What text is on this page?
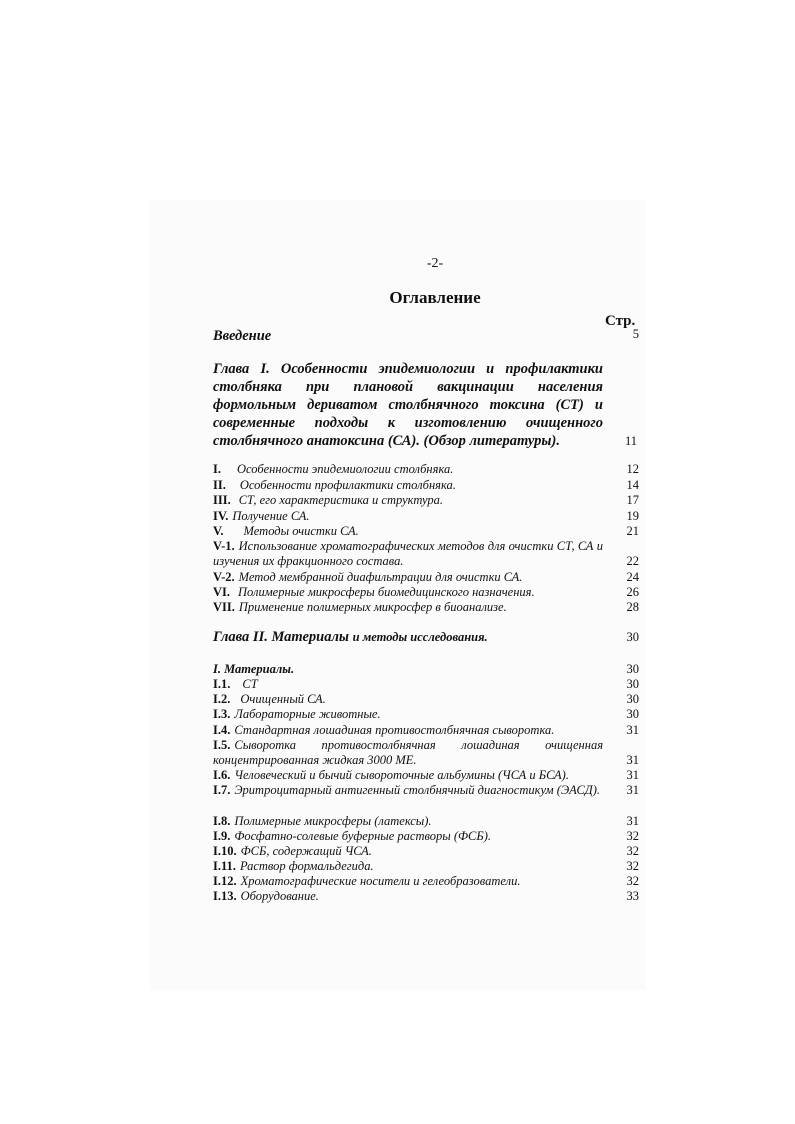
-2-
Оглавление
Стр.
Введение	5
Глава I. Особенности эпидемиологии и профилактики столбняка при плановой вакцинации населения формольным дериватом столбнячного токсина (СТ) и современные подходы к изготовлению очищенного столбнячного анатоксина (СА). (Обзор литературы).	11
I. Особенности эпидемиологии столбняка.	12
II. Особенности профилактики столбняка.	14
III. СТ, его характеристика и структура.	17
IV. Получение СА.	19
V. Методы очистки СА.	21
V-1. Использование хроматографических методов для очистки СТ, СА и изучения их фракционного состава.	22
V-2. Метод мембранной диафильтрации для очистки СА.	24
VI. Полимерные микросферы биомедицинского назначения.	26
VII. Применение полимерных микросфер в биоанализе.	28
Глава II. Материалы и методы исследования.	30
I. Материалы.	30
I.1. СТ	30
I.2. Очищенный СА.	30
I.3. Лабораторные животные.	30
I.4. Стандартная лошадиная противостолбнячная сыворотка.	31
I.5. Сыворотка противостолбнячная лошадиная очищенная концентрированная жидкая 3000 МЕ.	31
I.6. Человеческий и бычий сывороточные альбумины (ЧСА и БСА).	31
I.7. Эритроцитарный антигенный столбнячный диагностикум (ЭАСД). 31
I.8. Полимерные микросферы (латексы).	31
I.9. Фосфатно-солевые буферные растворы (ФСБ).	32
I.10. ФСБ, содержащий ЧСА.	32
I.11. Раствор формальдегида.	32
I.12. Хроматографические носители и гелеобразователи.	32
I.13. Оборудование.	33
